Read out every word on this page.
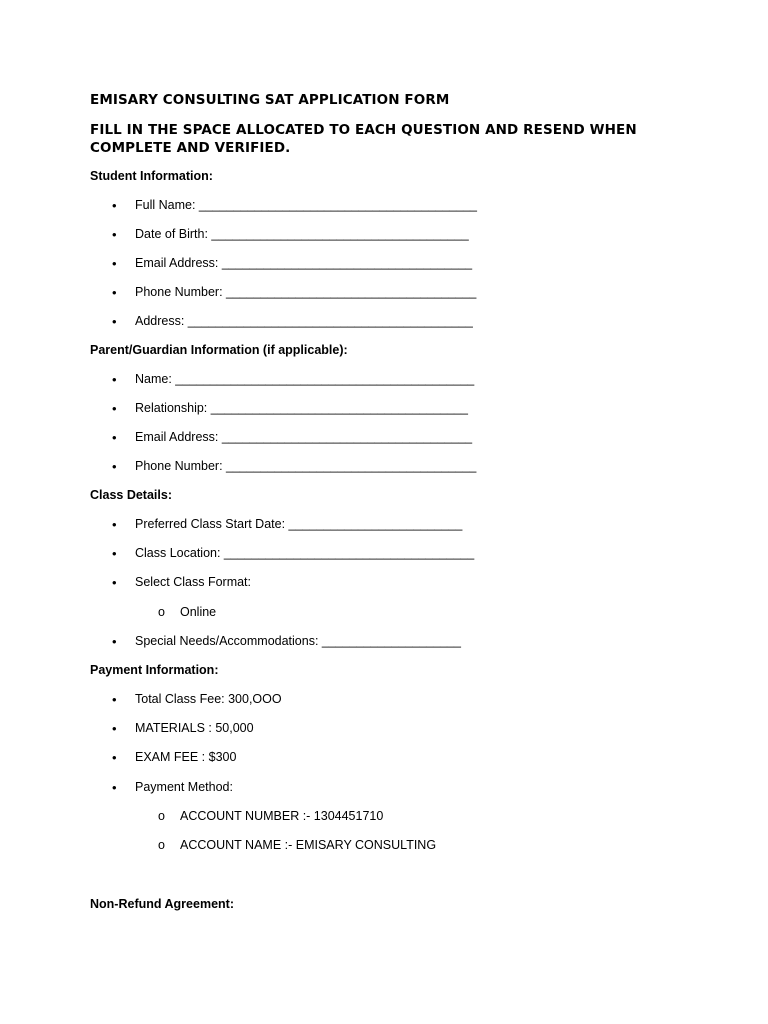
EMISARY CONSULTING SAT APPLICATION FORM
FILL IN THE SPACE ALLOCATED TO EACH QUESTION AND RESEND WHEN COMPLETE AND VERIFIED.
Student Information:
• Full Name: ________________________________________
• Date of Birth: _____________________________________
• Email Address: ____________________________________
• Phone Number: ____________________________________
• Address: _________________________________________
Parent/Guardian Information (if applicable):
• Name: ___________________________________________
• Relationship: _____________________________________
• Email Address: ____________________________________
• Phone Number: ____________________________________
Class Details:
• Preferred Class Start Date: _________________________
• Class Location: ____________________________________
• Select Class Format:
o Online
• Special Needs/Accommodations: ____________________
Payment Information:
• Total Class Fee: 300,OOO
• MATERIALS : 50,000
• EXAM FEE : $300
• Payment Method:
o ACCOUNT NUMBER :- 1304451710
o ACCOUNT NAME :- EMISARY CONSULTING
Non-Refund Agreement:
